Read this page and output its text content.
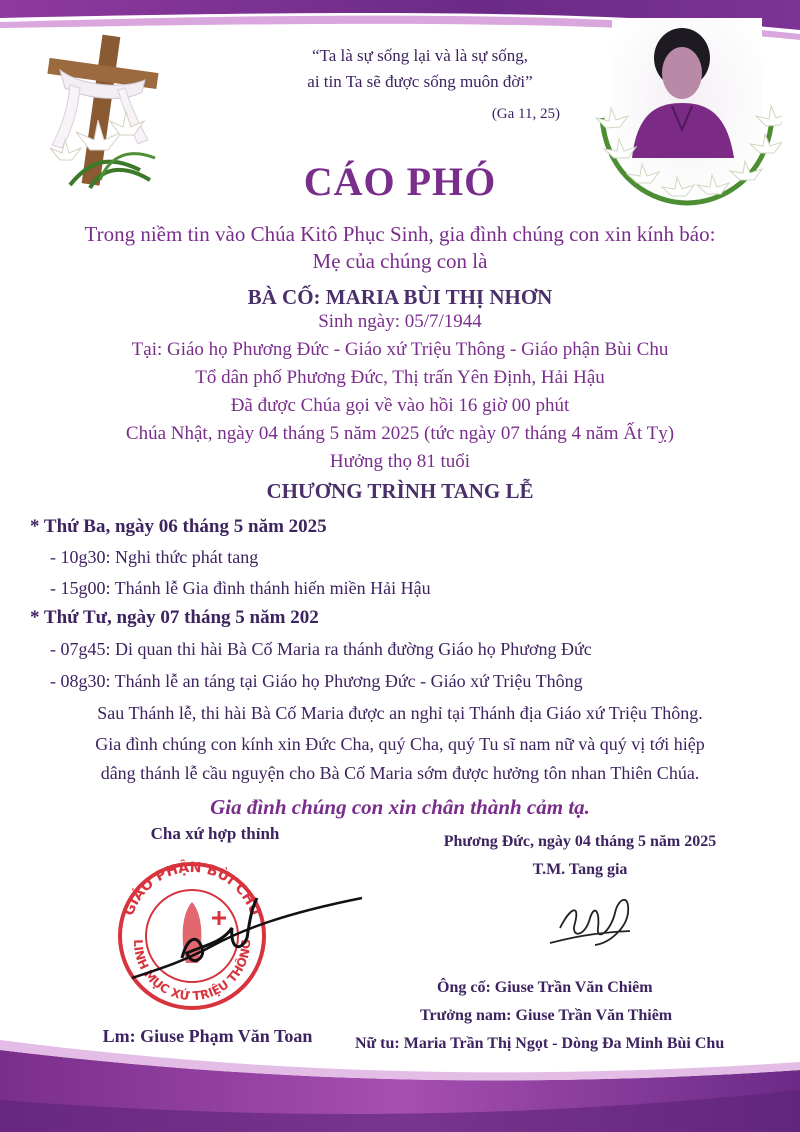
“Ta là sự sống lại và là sự sống,
ai tin Ta sẽ được sống muôn đời”
(Ga 11, 25)
CÁO PHÓ
Trong niềm tin vào Chúa Kitô Phục Sinh, gia đình chúng con xin kính báo:
Mẹ của chúng con là
BÀ CỐ: MARIA BÙI THỊ NHƠN
Sinh ngày: 05/7/1944
Tại: Giáo họ Phương Đức - Giáo xứ Triệu Thông - Giáo phận Bùi Chu
Tổ dân phố Phương Đức, Thị trấn Yên Định, Hải Hậu
Đã được Chúa gọi về vào hồi 16 giờ 00 phút
Chúa Nhật, ngày 04 tháng 5 năm 2025 (tức ngày 07 tháng 4 năm Ất Tỵ)
Hưởng thọ 81 tuổi
CHƯƠNG TRÌNH TANG LỄ
* Thứ Ba, ngày 06 tháng 5 năm 2025
- 10g30: Nghi thức phát tang
- 15g00: Thánh lễ Gia đình thánh hiến miền Hải Hậu
* Thứ Tư, ngày 07 tháng 5 năm 202
- 07g45: Di quan thi hài Bà Cố Maria ra thánh đường Giáo họ Phương Đức
- 08g30: Thánh lễ an táng tại Giáo họ Phương Đức - Giáo xứ Triệu Thông
Sau Thánh lễ, thi hài Bà Cố Maria được an nghỉ tại Thánh địa Giáo xứ Triệu Thông.
Gia đình chúng con kính xin Đức Cha, quý Cha, quý Tu sĩ nam nữ và quý vị tới hiệp
dâng thánh lễ cầu nguyện cho Bà Cố Maria sớm được hưởng tôn nhan Thiên Chúa.
Gia đình chúng con xin chân thành cảm tạ.
Cha xứ hợp thỉnh
GIÁO PHẬN BÙI CHU
LINH MỤC XỨ TRIỆU THÔNG
Lm: Giuse Phạm Văn Toan
Phương Đức, ngày 04 tháng 5 năm 2025
T.M. Tang gia
Ông cố: Giuse Trần Văn Chiêm
Trưởng nam: Giuse Trần Văn Thiêm
Nữ tu: Maria Trần Thị Ngọt - Dòng Đa Minh Bùi Chu
